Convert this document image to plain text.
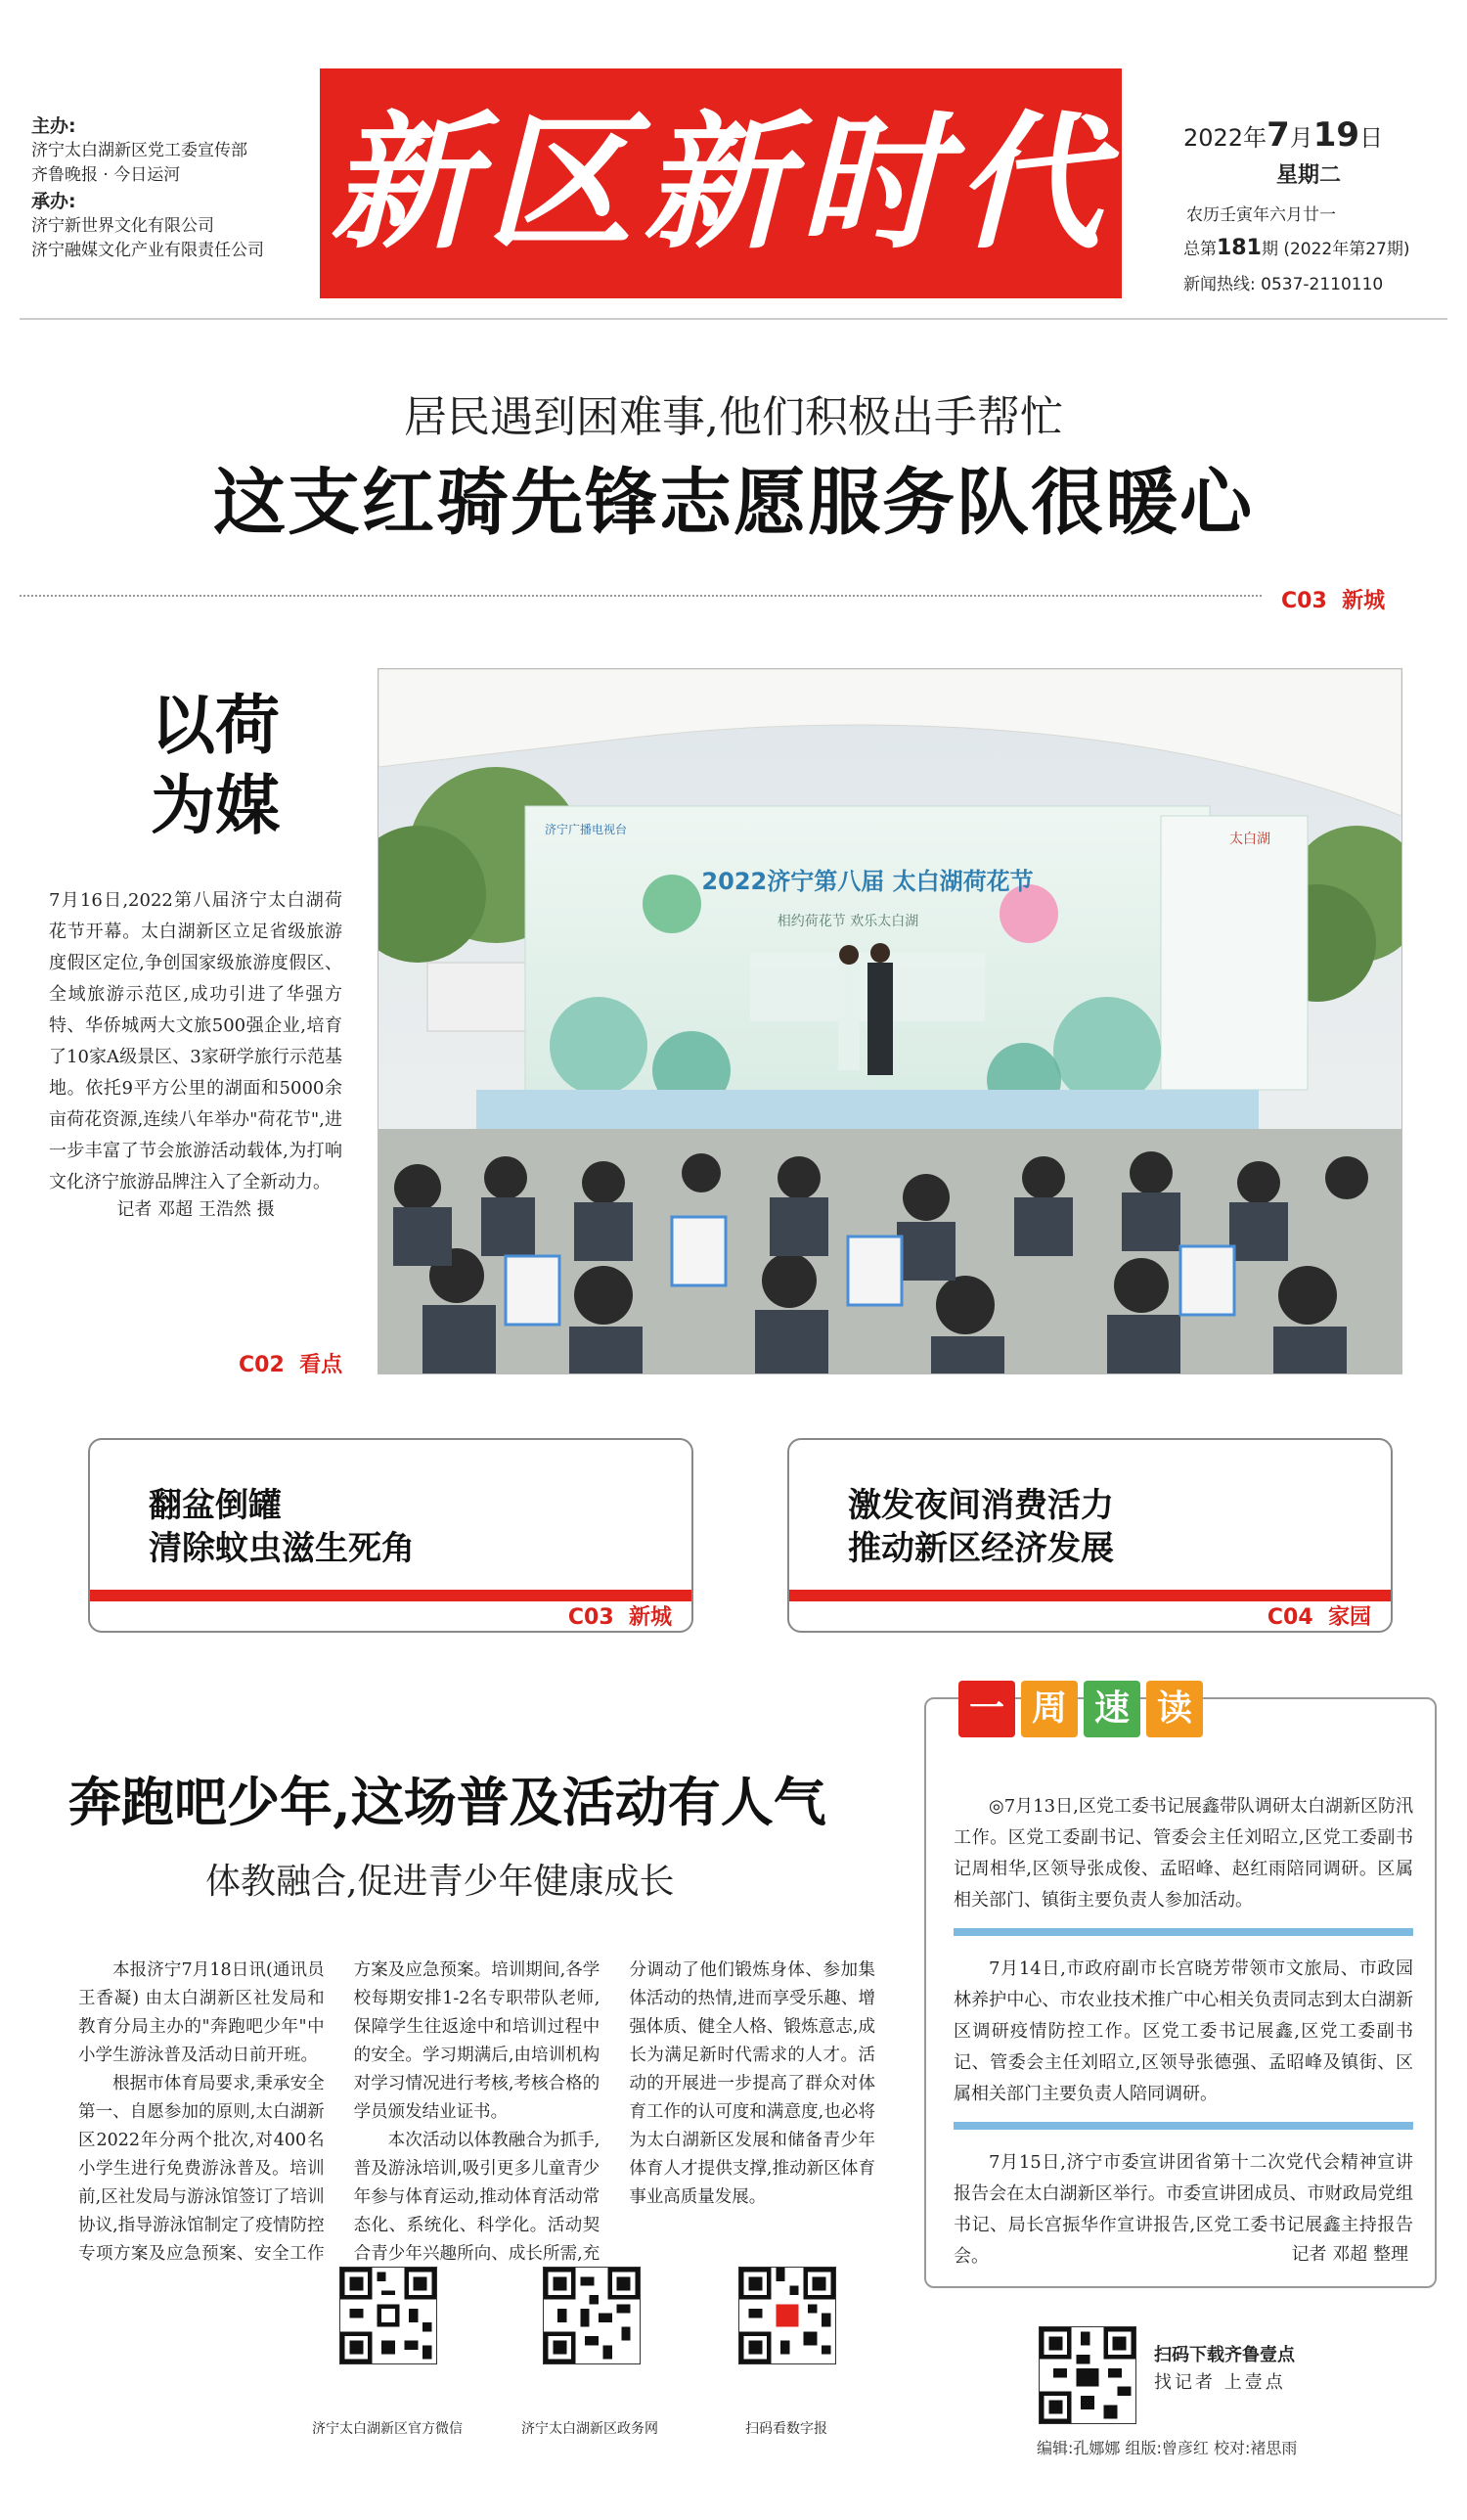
主办:
济宁太白湖新区党工委宣传部
齐鲁晚报 · 今日运河
承办:
济宁新世界文化有限公司
济宁融媒文化产业有限责任公司 新区新时代	2022年7月19日
星期二
农历壬寅年六月廿一
总第181期 (2022年第27期)
新闻热线: 0537-2110110
居民遇到困难事,他们积极出手帮忙
这支红骑先锋志愿服务队很暖心
C03 新城
以荷为媒
7月16日,2022第八届济宁太白湖荷花节开幕。太白湖新区立足省级旅游度假区定位,争创国家级旅游度假区、全域旅游示范区,成功引进了华强方特、华侨城两大文旅500强企业,培育了10家A级景区、3家研学旅行示范基地。依托9平方公里的湖面和5000余亩荷花资源,连续八年举办"荷花节",进一步丰富了节会旅游活动载体,为打响文化济宁旅游品牌注入了全新动力。
记者 邓超 王浩然 摄
2022济宁第八届 太白湖荷花节
相约荷花节 欢乐太白湖
济宁广播电视台
太白湖
C02 看点
翻盆倒罐
清除蚊虫滋生死角
C03 新城
激发夜间消费活力
推动新区经济发展
C04 家园
奔跑吧少年,这场普及活动有人气
体教融合,促进青少年健康成长

本报济宁7月18日讯(通讯员 王香凝) 由太白湖新区社发局和教育分局主办的"奔跑吧少年"中小学生游泳普及活动日前开班。

根据市体育局要求,秉承安全第一、自愿参加的原则,太白湖新区2022年分两个批次,对400名小学生进行免费游泳普及。培训前,区社发局与游泳馆签订了培训协议,指导游泳馆制定了疫情防控专项方案及应急预案、安全工作方案及应急预案。培训期间,各学校每期安排1-2名专职带队老师,保障学生往返途中和培训过程中的安全。学习期满后,由培训机构对学习情况进行考核,考核合格的学员颁发结业证书。

本次活动以体教融合为抓手,普及游泳培训,吸引更多儿童青少年参与体育运动,推动体育活动常态化、系统化、科学化。活动契合青少年兴趣所向、成长所需,充分调动了他们锻炼身体、参加集体活动的热情,进而享受乐趣、增强体质、健全人格、锻炼意志,成长为满足新时代需求的人才。活动的开展进一步提高了群众对体育工作的认可度和满意度,也必将为太白湖新区发展和储备青少年体育人才提供支撑,推动新区体育事业高质量发展。

济宁太白湖新区官方微信	济宁太白湖新区政务网	扫码看数字报
一 周 速 读
◎7月13日,区党工委书记展鑫带队调研太白湖新区防汛工作。区党工委副书记、管委会主任刘昭立,区党工委副书记周相华,区领导张成俊、孟昭峰、赵红雨陪同调研。区属相关部门、镇街主要负责人参加活动。
7月14日,市政府副市长宫晓芳带领市文旅局、市政园林养护中心、市农业技术推广中心相关负责同志到太白湖新区调研疫情防控工作。区党工委书记展鑫,区党工委副书记、管委会主任刘昭立,区领导张德强、孟昭峰及镇街、区属相关部门主要负责人陪同调研。
7月15日,济宁市委宣讲团省第十二次党代会精神宣讲报告会在太白湖新区举行。市委宣讲团成员、市财政局党组书记、局长宫振华作宣讲报告,区党工委书记展鑫主持报告会。	记者 邓超 整理
扫码下载齐鲁壹点
找记者 上壹点
编辑:孔娜娜 组版:曾彦红 校对:褚思雨
